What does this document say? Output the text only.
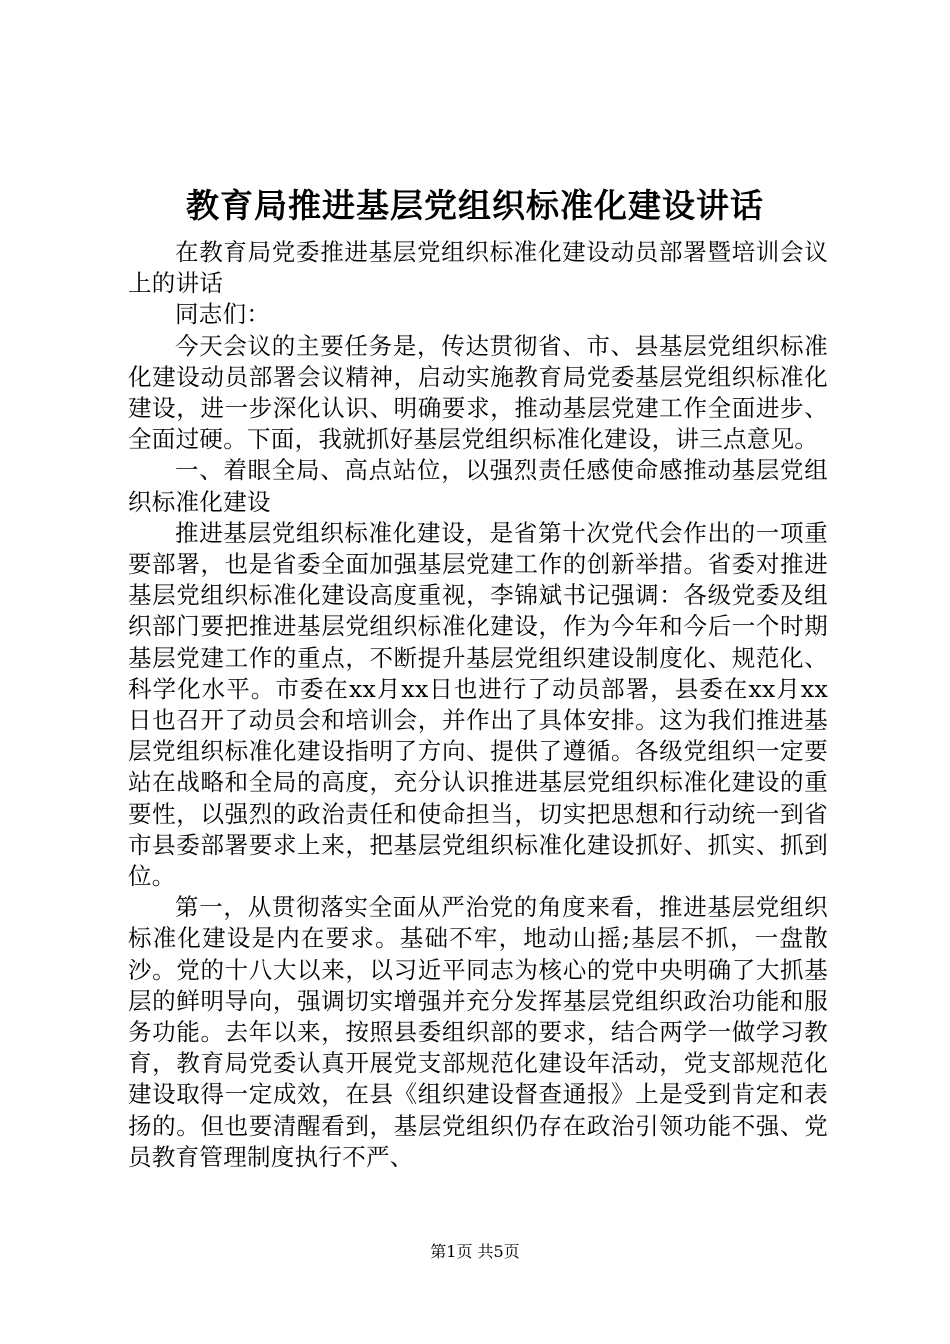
教育局推进基层党组织标准化建设讲话

在教育局党委推进基层党组织标准化建设动员部署暨培训会议上的讲话

同志们：

今天会议的主要任务是，传达贯彻省、市、县基层党组织标准化建设动员部署会议精神，启动实施教育局党委基层党组织标准化建设，进一步深化认识、明确要求，推动基层党建工作全面进步、全面过硬。下面，我就抓好基层党组织标准化建设，讲三点意见。

一、着眼全局、高点站位，以强烈责任感使命感推动基层党组织标准化建设

推进基层党组织标准化建设，是省第十次党代会作出的一项重要部署，也是省委全面加强基层党建工作的创新举措。省委对推进基层党组织标准化建设高度重视，李锦斌书记强调：各级党委及组织部门要把推进基层党组织标准化建设，作为今年和今后一个时期基层党建工作的重点，不断提升基层党组织建设制度化、规范化、科学化水平。市委在xx月xx日也进行了动员部署，县委在xx月xx日也召开了动员会和培训会，并作出了具体安排。这为我们推进基层党组织标准化建设指明了方向、提供了遵循。各级党组织一定要站在战略和全局的高度，充分认识推进基层党组织标准化建设的重要性，以强烈的政治责任和使命担当，切实把思想和行动统一到省市县委部署要求上来，把基层党组织标准化建设抓好、抓实、抓到位。

第一，从贯彻落实全面从严治党的角度来看，推进基层党组织标准化建设是内在要求。基础不牢，地动山摇;基层不抓，一盘散沙。党的十八大以来，以习近平同志为核心的党中央明确了大抓基层的鲜明导向，强调切实增强并充分发挥基层党组织政治功能和服务功能。去年以来，按照县委组织部的要求，结合两学一做学习教育，教育局党委认真开展党支部规范化建设年活动，党支部规范化建设取得一定成效，在县《组织建设督查通报》上是受到肯定和表扬的。但也要清醒看到，基层党组织仍存在政治引领功能不强、党员教育管理制度执行不严、

第1页 共5页
